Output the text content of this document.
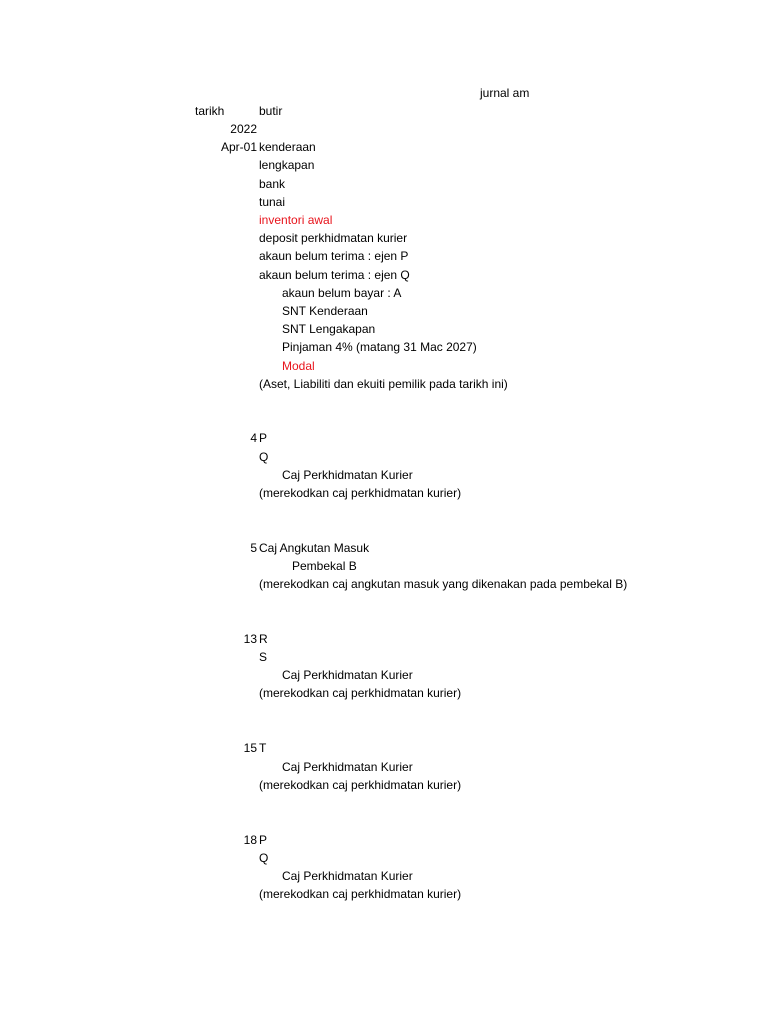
jurnal am
tarikh	butir
2022
Apr-01 kenderaan
lengkapan
bank
tunai
inventori awal
deposit perkhidmatan kurier
akaun belum terima : ejen P
akaun belum terima : ejen Q
akaun belum bayar : A
SNT Kenderaan
SNT Lengakapan
Pinjaman 4% (matang 31 Mac 2027)
Modal
(Aset, Liabiliti dan ekuiti pemilik pada tarikh ini)
4 P
Q
Caj Perkhidmatan Kurier
(merekodkan caj perkhidmatan kurier)
5 Caj Angkutan Masuk
Pembekal B
(merekodkan caj angkutan masuk yang dikenakan pada pembekal B)
13 R
S
Caj Perkhidmatan Kurier
(merekodkan caj perkhidmatan kurier)
15 T
Caj Perkhidmatan Kurier
(merekodkan caj perkhidmatan kurier)
18 P
Q
Caj Perkhidmatan Kurier
(merekodkan caj perkhidmatan kurier)
